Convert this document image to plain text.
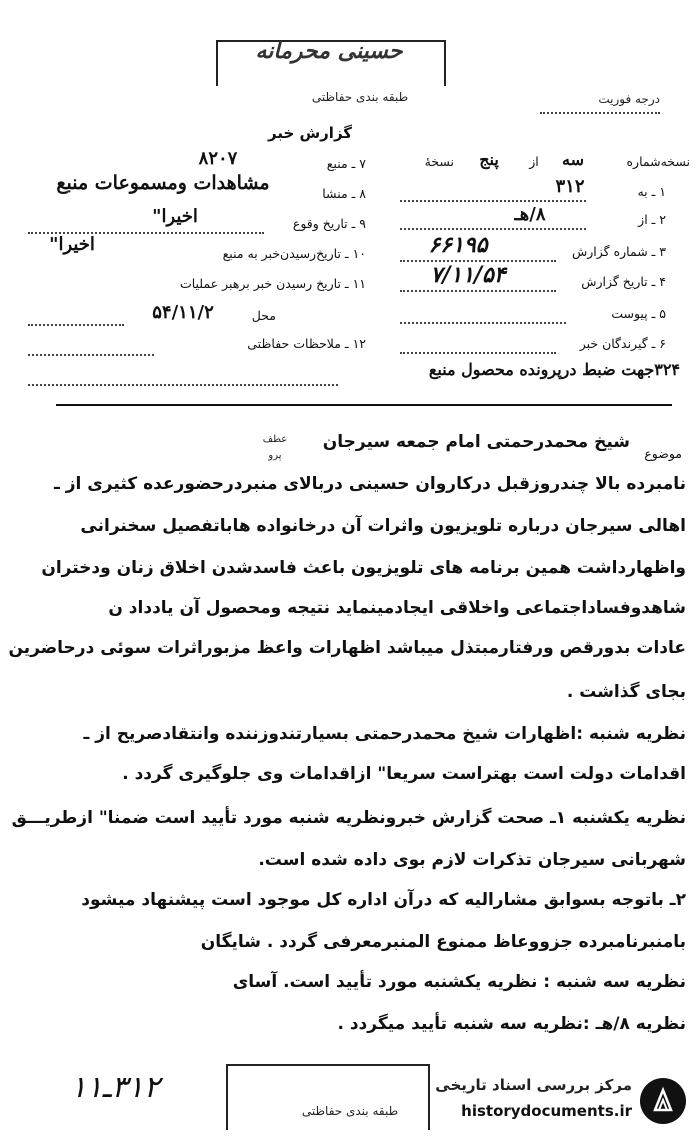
حسینی محرمانه
طبقه بندی حفاظتی	درجه فوریت
گزارش خبر
نسخه‌شماره
سه
از
پنج
نسخهٔ
۱ ـ به
۳۱۲
۲ ـ از
۸/هـ
۳ ـ شماره گزارش
۶۶۱۹۵
۴ ـ تاریخ گزارش
۷/۱۱/۵۴
۵ ـ پیوست
۶ ـ گیرندگان خبر
۷ ـ منبع
۸۲۰۷
۸ ـ منشا
مشاهدات ومسموعات منبع
۹ ـ تاریخ وقوع
اخیرا"
۱۰ ـ تاریخ‌رسیدن‌خبر به منبع
اخیرا"
۱۱ ـ تاریخ رسیدن خبر برهبر عملیات
محل
۵۴/۱۱/۲
۱۲ ـ ملاحظات حفاظتی
۳۲۴جهت ضبط درپرونده محصول منبع
موضوع
شیخ محمدرحمتی امام جمعه سیرجان
عطف پرو
نامبرده بالا چندروزقبل درکاروان حسینی دربالای منبردرحضورعده کثیری از ـ
اهالی سیرجان درباره تلویزیون واثرات آن درخانواده هاباتفصیل سخنرانی
واظهارداشت همین برنامه های تلویزیون باعث فاسدشدن اخلاق زنان ودختران
شاهدوفساداجتماعی واخلاقی ایجادمینماید نتیجه ومحصول آن یادداد ن
عادات بدورقص ورفتارمبتذل میباشد اظهارات واعظ مزبوراثرات سوئی درحاضرین
بجای گذاشت .
نظریه شنبه :اظهارات شیخ محمدرحمتی بسیارتندوزننده وانتقادصریح از ـ
اقدامات دولت است بهتراست سریعا" ازاقدامات وی جلوگیری گردد .
نظریه یکشنبه ۱ـ صحت گزارش خبرونظریه شنبه مورد تأیید است ضمنا" ازطریـــق
شهربانی سیرجان تذکرات لازم بوی داده شده است.
۲ـ باتوجه بسوابق مشارالیه که درآن اداره کل موجود است پیشنهاد میشود
بامنبرنامبرده جزووعاظ ممنوع المنبرمعرفی گردد . شایگان
نظریه سه شنبه : نظریه یکشنبه مورد تأیید است. آسای
نظریه ۸/هـ :نظریه سه شنبه تأیید میگردد .
۳۱۲ـ۱۱
طبقه بندی حفاظتی
مرکز بررسی اسناد تاریخی
historydocuments.ir
